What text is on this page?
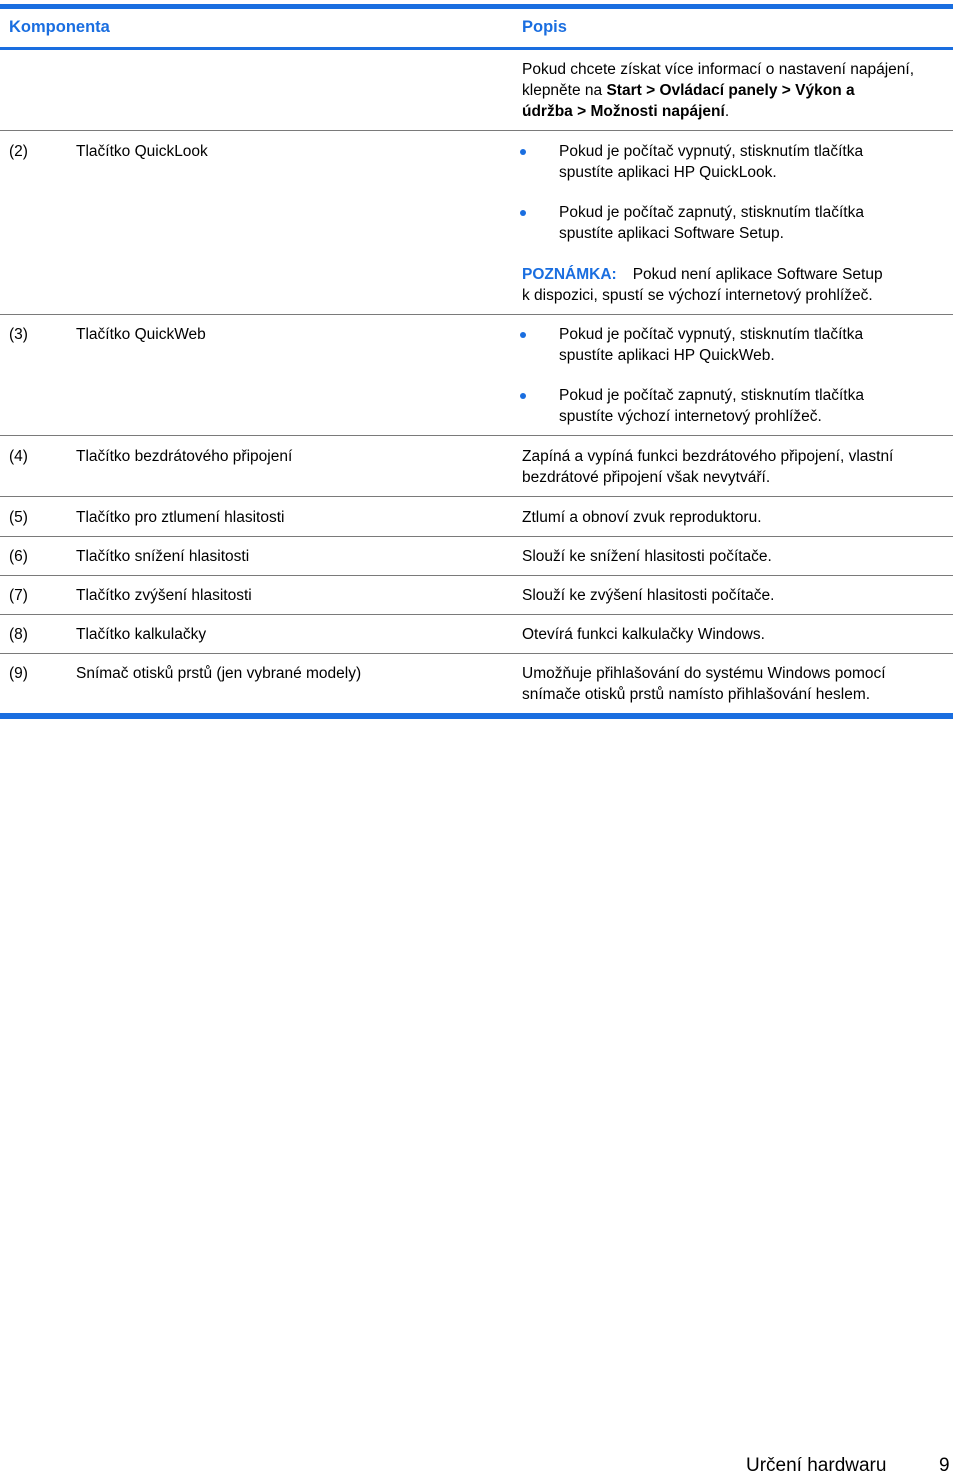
Komponenta	Popis
Pokud chcete získat více informací o nastavení napájení,
klepněte na Start > Ovládací panely > Výkon a
údržba > Možnosti napájení.
(2)	Tlačítko QuickLook	Pokud je počítač vypnutý, stisknutím tlačítka
spustíte aplikaci HP QuickLook.
Pokud je počítač zapnutý, stisknutím tlačítka
spustíte aplikaci Software Setup.
POZNÁMKA: Pokud není aplikace Software Setup
k dispozici, spustí se výchozí internetový prohlížeč.
(3)	Tlačítko QuickWeb	Pokud je počítač vypnutý, stisknutím tlačítka
spustíte aplikaci HP QuickWeb.
Pokud je počítač zapnutý, stisknutím tlačítka
spustíte výchozí internetový prohlížeč.
(4)	Tlačítko bezdrátového připojení	Zapíná a vypíná funkci bezdrátového připojení, vlastní
bezdrátové připojení však nevytváří.
(5)	Tlačítko pro ztlumení hlasitosti	Ztlumí a obnoví zvuk reproduktoru.
(6)	Tlačítko snížení hlasitosti	Slouží ke snížení hlasitosti počítače.
(7)	Tlačítko zvýšení hlasitosti	Slouží ke zvýšení hlasitosti počítače.
(8)	Tlačítko kalkulačky	Otevírá funkci kalkulačky Windows.
(9)	Snímač otisků prstů (jen vybrané modely)	Umožňuje přihlašování do systému Windows pomocí
snímače otisků prstů namísto přihlašování heslem.
Určení hardwaru	9
